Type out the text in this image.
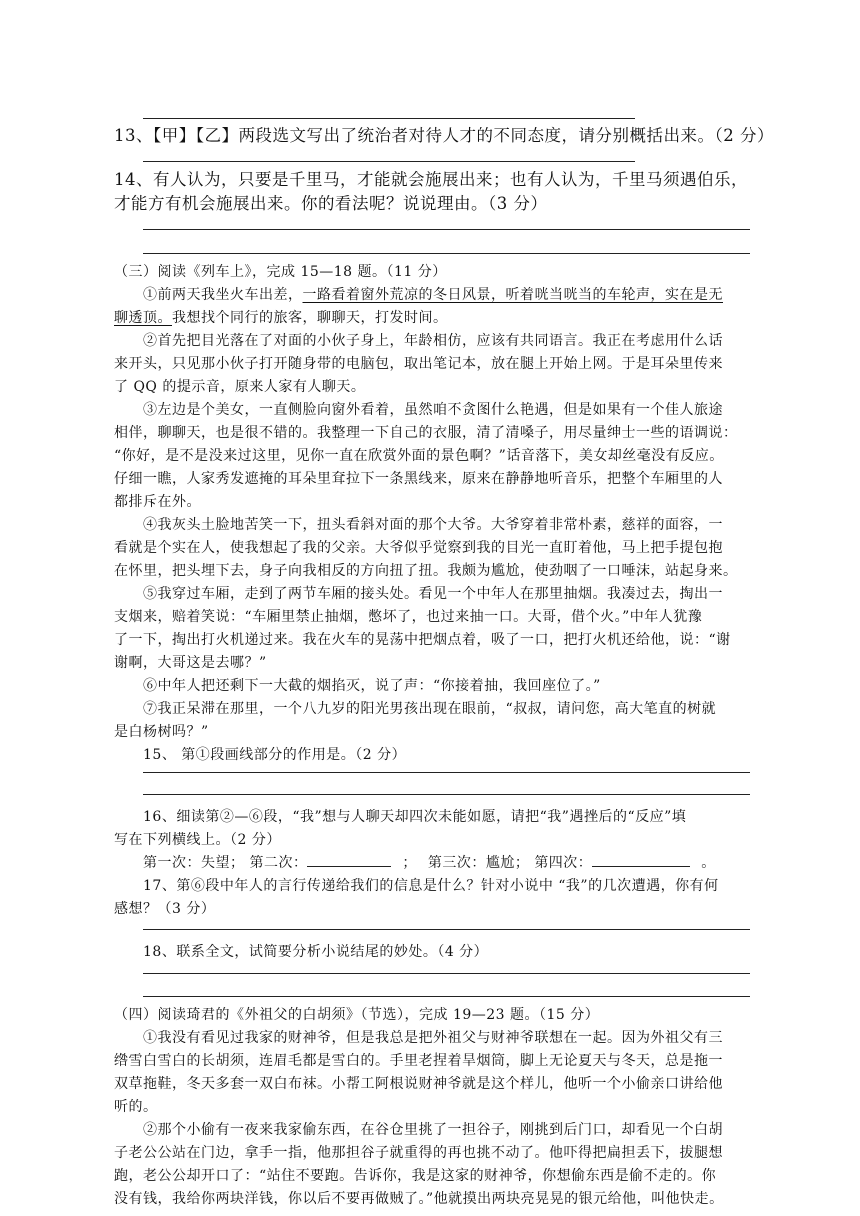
13、【甲】【乙】两段选文写出了统治者对待人才的不同态度，请分别概括出来。（2 分）
14、有人认为，只要是千里马，才能就会施展出来；也有人认为，千里马须遇伯乐，
才能方有机会施展出来。你的看法呢？说说理由。（3 分）
（三）阅读《列车上》，完成 15—18 题。（11 分）
①前两天我坐火车出差，一路看着窗外荒凉的冬日风景，听着咣当咣当的车轮声，实在是无
聊透顶。我想找个同行的旅客，聊聊天，打发时间。
②首先把目光落在了对面的小伙子身上，年龄相仿，应该有共同语言。我正在考虑用什么话
来开头，只见那小伙子打开随身带的电脑包，取出笔记本，放在腿上开始上网。于是耳朵里传来
了 QQ 的提示音，原来人家有人聊天。
③左边是个美女，一直侧脸向窗外看着，虽然咱不贪图什么艳遇，但是如果有一个佳人旅途
相伴，聊聊天，也是很不错的。我整理一下自己的衣服，清了清嗓子，用尽量绅士一些的语调说：
“你好，是不是没来过这里，见你一直在欣赏外面的景色啊？”话音落下，美女却丝毫没有反应。
仔细一瞧，人家秀发遮掩的耳朵里耷拉下一条黑线来，原来在静静地听音乐，把整个车厢里的人
都排斥在外。
④我灰头土脸地苦笑一下，扭头看斜对面的那个大爷。大爷穿着非常朴素，慈祥的面容，一
看就是个实在人，使我想起了我的父亲。大爷似乎觉察到我的目光一直盯着他，马上把手提包抱
在怀里，把头埋下去，身子向我相反的方向扭了扭。我颇为尴尬，使劲咽了一口唾沫，站起身来。
⑤我穿过车厢，走到了两节车厢的接头处。看见一个中年人在那里抽烟。我凑过去，掏出一
支烟来，赔着笑说：“车厢里禁止抽烟，憋坏了，也过来抽一口。大哥，借个火。”中年人犹豫
了一下，掏出打火机递过来。我在火车的晃荡中把烟点着，吸了一口，把打火机还给他，说：“谢
谢啊，大哥这是去哪？”
⑥中年人把还剩下一大截的烟掐灭，说了声：“你接着抽，我回座位了。”
⑦我正呆滞在那里，一个八九岁的阳光男孩出现在眼前，“叔叔，请问您，高大笔直的树就
是白杨树吗？”
15、 第①段画线部分的作用是。（2 分）
16、细读第②—⑥段，“我”想与人聊天却四次未能如愿，请把“我”遇挫后的“反应”填
写在下列横线上。（2 分）
第一次：失望； 第二次：	； 第三次：尴尬； 第四次：	。
17、第⑥段中年人的言行传递给我们的信息是什么？针对小说中 “我”的几次遭遇，你有何
感想？（3 分）
18、联系全文，试简要分析小说结尾的妙处。（4 分）
（四）阅读琦君的《外祖父的白胡须》（节选），完成 19—23 题。（15 分）
①我没有看见过我家的财神爷，但是我总是把外祖父与财神爷联想在一起。因为外祖父有三
绺雪白雪白的长胡须，连眉毛都是雪白的。手里老捏着旱烟筒，脚上无论夏天与冬天，总是拖一
双草拖鞋，冬天多套一双白布袜。小帮工阿根说财神爷就是这个样儿，他听一个小偷亲口讲给他
听的。
②那个小偷有一夜来我家偷东西，在谷仓里挑了一担谷子，刚挑到后门口，却看见一个白胡
子老公公站在门边，拿手一指，他那担谷子就重得的再也挑不动了。他吓得把扁担丢下，拔腿想
跑，老公公却开口了：“站住不要跑。告诉你，我是这家的财神爷，你想偷东西是偷不走的。你
没有钱，我给你两块洋钱，你以后不要再做贼了。”他就摸出两块亮晃晃的银元给他，叫他快走。
